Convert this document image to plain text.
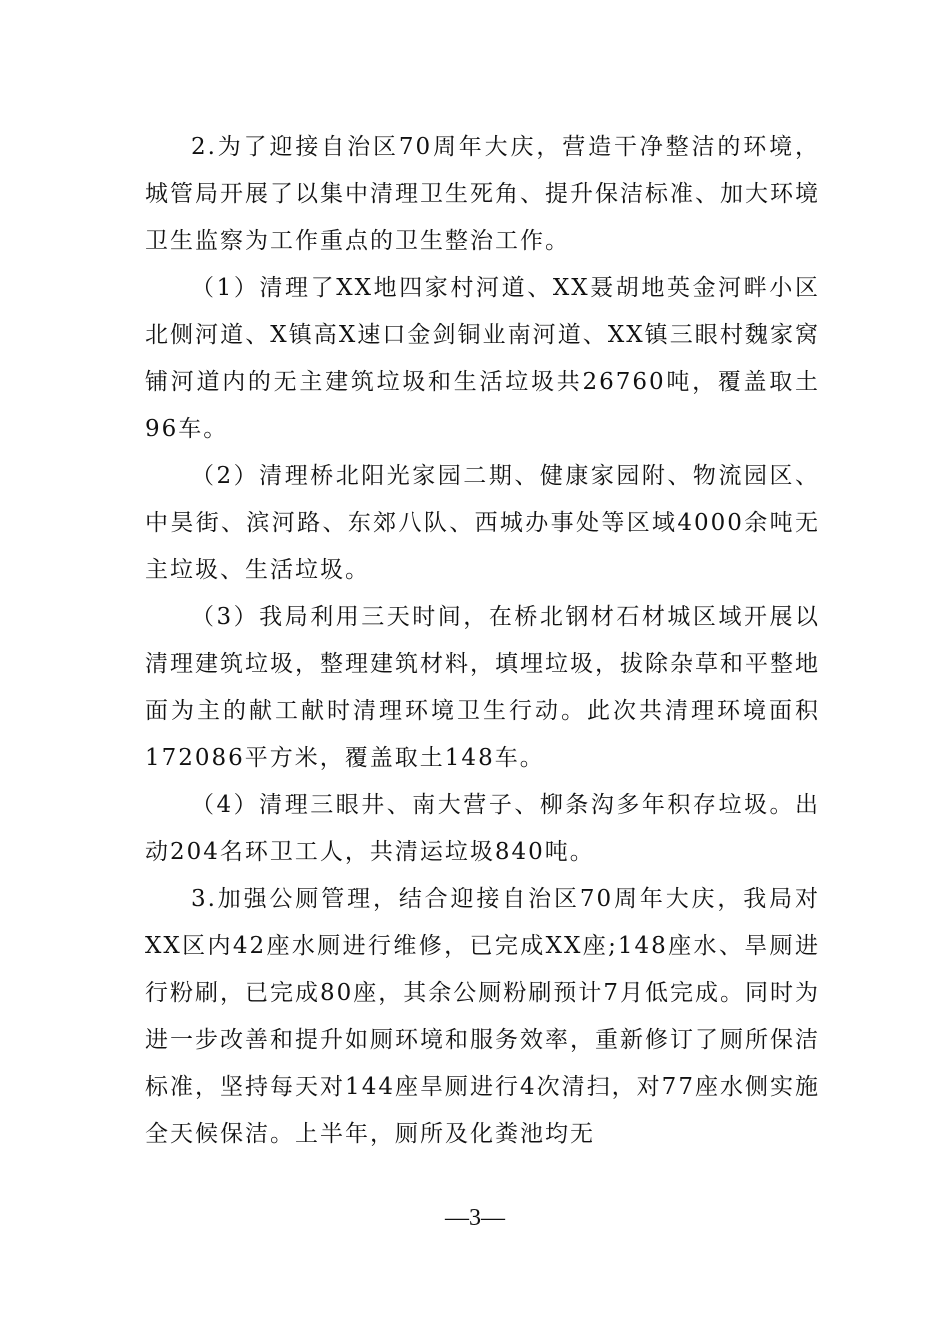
2.为了迎接自治区70周年大庆，营造干净整洁的环境，城管局开展了以集中清理卫生死角、提升保洁标准、加大环境卫生监察为工作重点的卫生整治工作。

（1）清理了XX地四家村河道、XX聂胡地英金河畔小区北侧河道、X镇高X速口金剑铜业南河道、XX镇三眼村魏家窝铺河道内的无主建筑垃圾和生活垃圾共26760吨，覆盖取土96车。

（2）清理桥北阳光家园二期、健康家园附、物流园区、中昊街、滨河路、东郊八队、西城办事处等区域4000余吨无主垃圾、生活垃圾。

（3）我局利用三天时间，在桥北钢材石材城区域开展以清理建筑垃圾，整理建筑材料，填埋垃圾，拔除杂草和平整地面为主的献工献时清理环境卫生行动。此次共清理环境面积172086平方米，覆盖取土148车。

（4）清理三眼井、南大营子、柳条沟多年积存垃圾。出动204名环卫工人，共清运垃圾840吨。

3.加强公厕管理，结合迎接自治区70周年大庆，我局对XX区内42座水厕进行维修，已完成XX座;148座水、旱厕进行粉刷，已完成80座，其余公厕粉刷预计7月低完成。同时为进一步改善和提升如厕环境和服务效率，重新修订了厕所保洁标准，坚持每天对144座旱厕进行4次清扫，对77座水侧实施全天候保洁。上半年，厕所及化粪池均无

—3—
